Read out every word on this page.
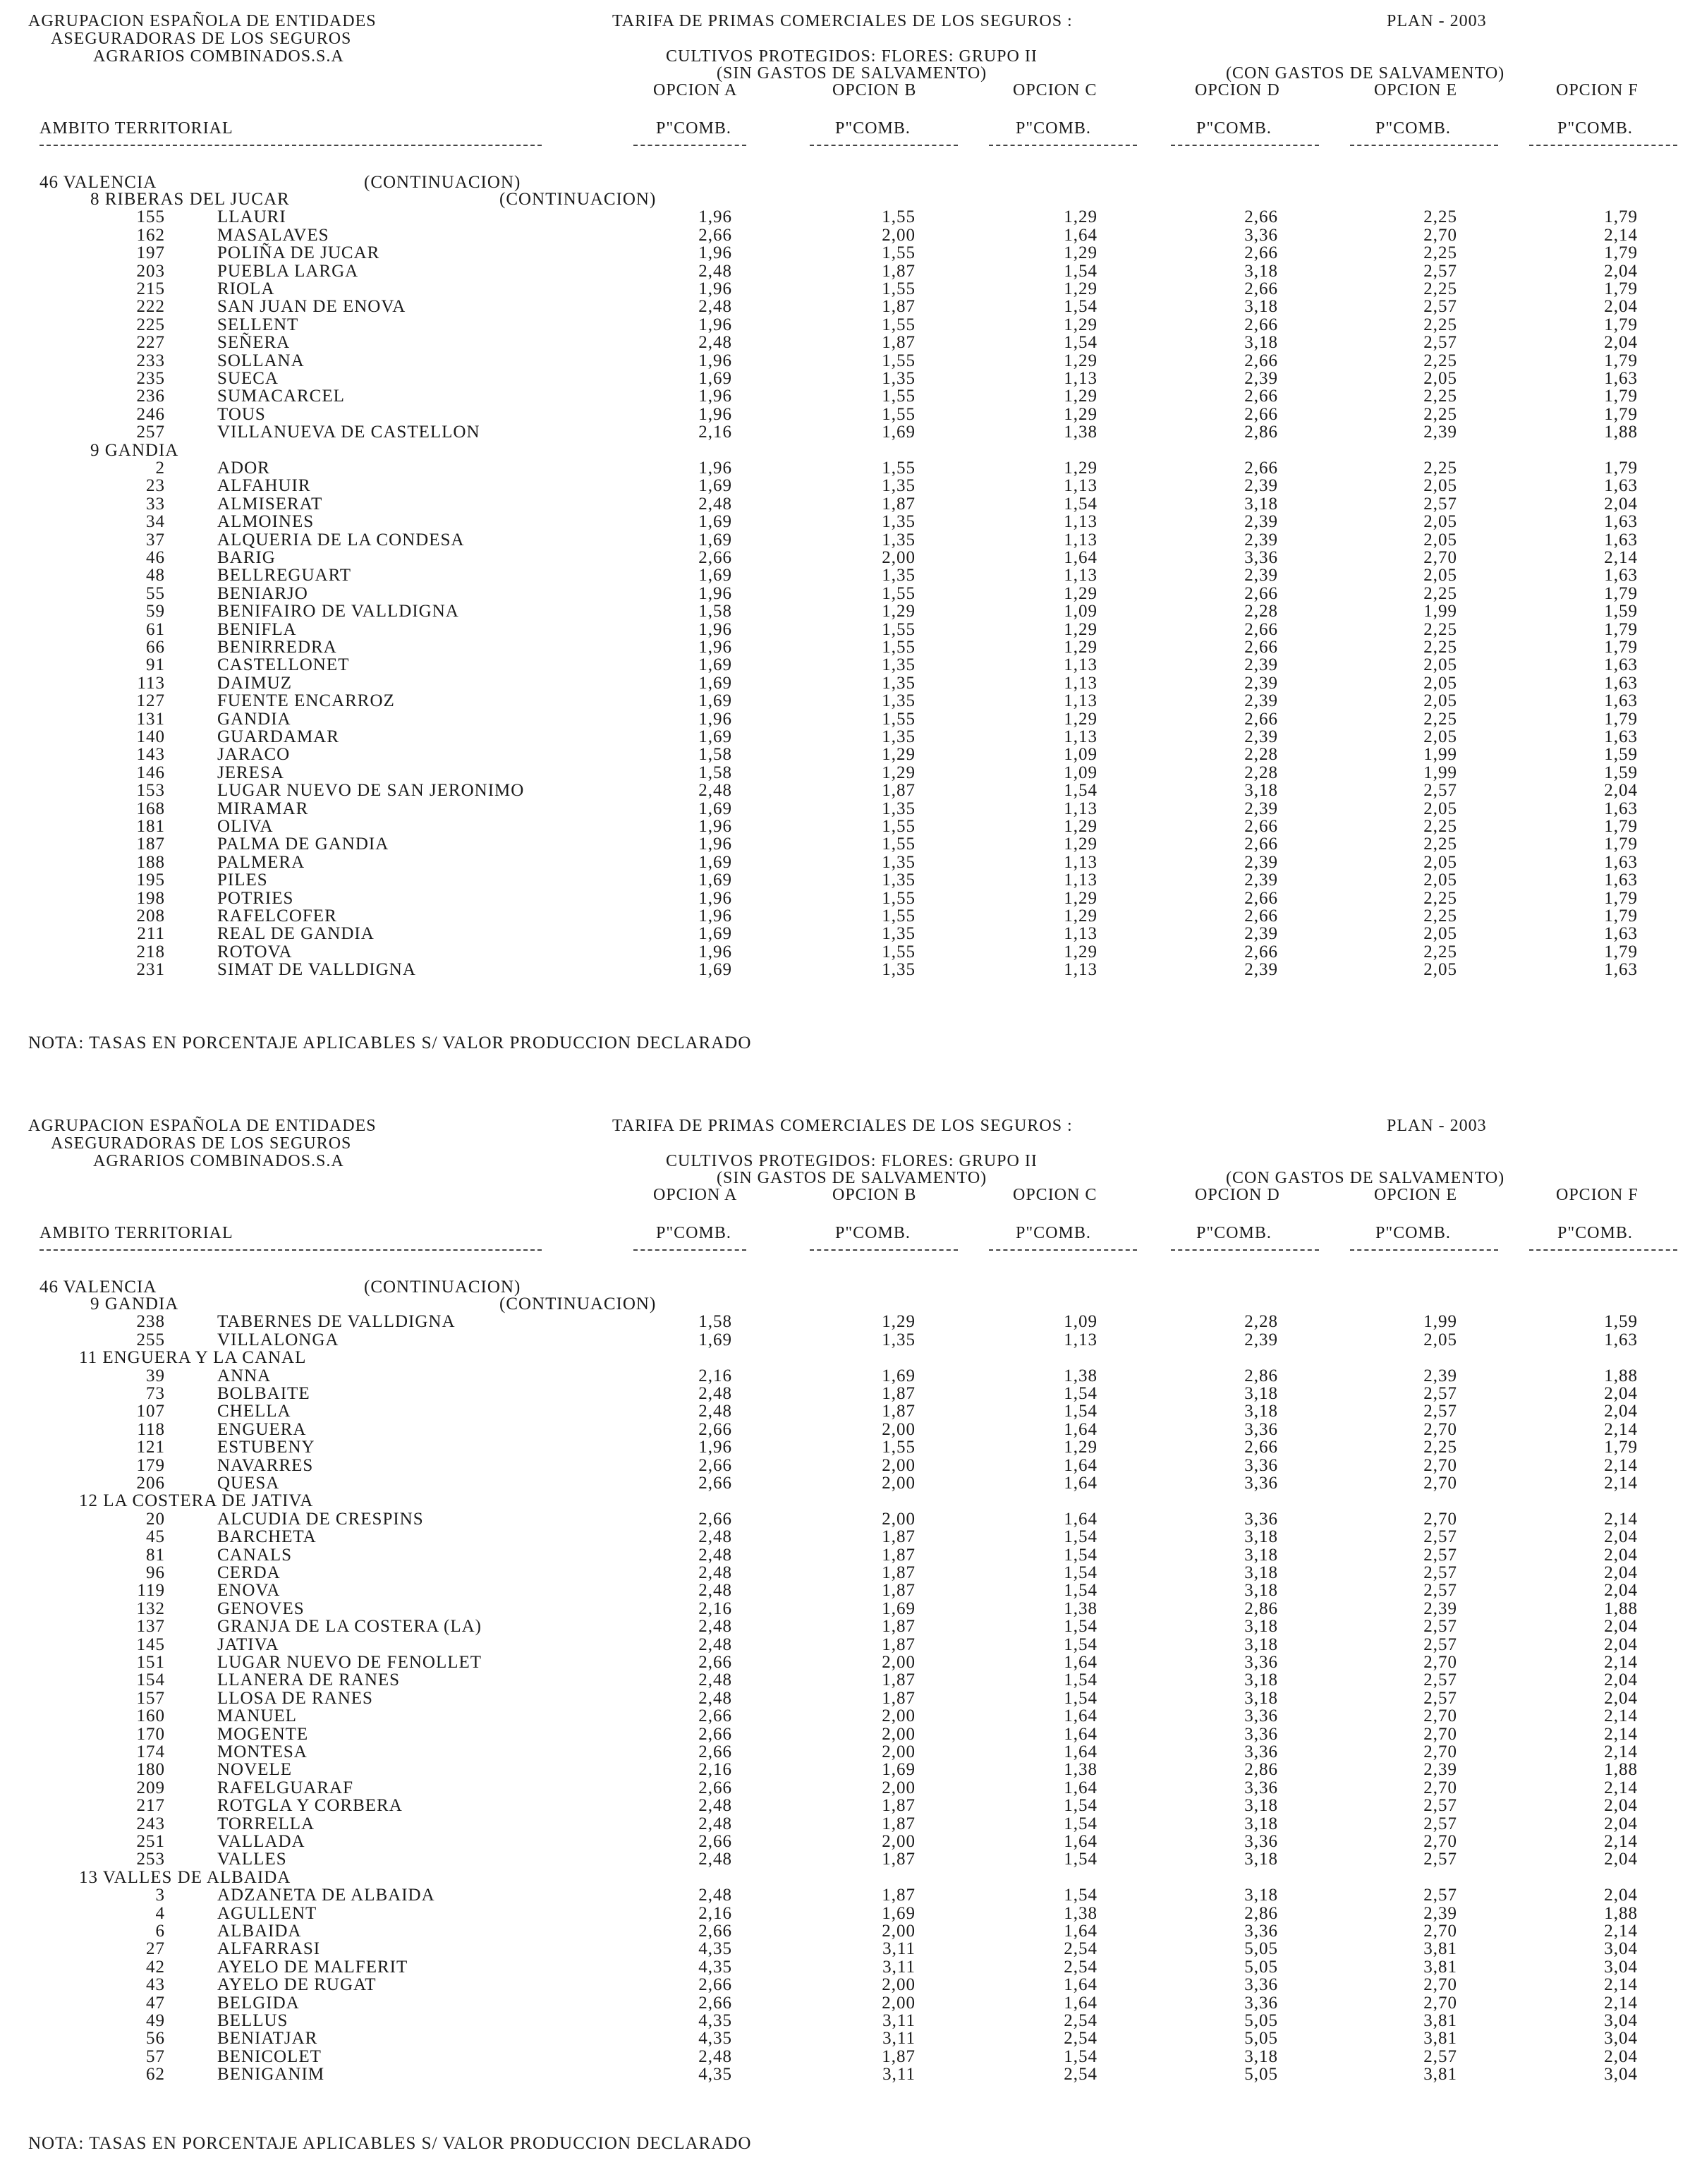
AGRUPACION ESPAÑOLA DE ENTIDADES
ASEGURADORAS DE LOS SEGUROS
AGRARIOS COMBINADOS.S.A
TARIFA DE PRIMAS COMERCIALES DE LOS SEGUROS :	PLAN - 2003
CULTIVOS PROTEGIDOS: FLORES: GRUPO II
(SIN GASTOS DE SALVAMENTO)	(CON GASTOS DE SALVAMENTO)
OPCION A	OPCION B	OPCION C	OPCION D	OPCION E	OPCION F
AMBITO TERRITORIAL	P"COMB.	P"COMB.	P"COMB.	P"COMB.	P"COMB.	P"COMB.
46 VALENCIA	(CONTINUACION)
8 RIBERAS DEL JUCAR	(CONTINUACION)
155	LLAURI	1,96	1,55	1,29	2,66	2,25	1,79
162	MASALAVES	2,66	2,00	1,64	3,36	2,70	2,14
197	POLIÑA DE JUCAR	1,96	1,55	1,29	2,66	2,25	1,79
203	PUEBLA LARGA	2,48	1,87	1,54	3,18	2,57	2,04
215	RIOLA	1,96	1,55	1,29	2,66	2,25	1,79
222	SAN JUAN DE ENOVA	2,48	1,87	1,54	3,18	2,57	2,04
225	SELLENT	1,96	1,55	1,29	2,66	2,25	1,79
227	SEÑERA	2,48	1,87	1,54	3,18	2,57	2,04
233	SOLLANA	1,96	1,55	1,29	2,66	2,25	1,79
235	SUECA	1,69	1,35	1,13	2,39	2,05	1,63
236	SUMACARCEL	1,96	1,55	1,29	2,66	2,25	1,79
246	TOUS	1,96	1,55	1,29	2,66	2,25	1,79
257	VILLANUEVA DE CASTELLON	2,16	1,69	1,38	2,86	2,39	1,88
9 GANDIA
2	ADOR	1,96	1,55	1,29	2,66	2,25	1,79
23	ALFAHUIR	1,69	1,35	1,13	2,39	2,05	1,63
33	ALMISERAT	2,48	1,87	1,54	3,18	2,57	2,04
34	ALMOINES	1,69	1,35	1,13	2,39	2,05	1,63
37	ALQUERIA DE LA CONDESA	1,69	1,35	1,13	2,39	2,05	1,63
46	BARIG	2,66	2,00	1,64	3,36	2,70	2,14
48	BELLREGUART	1,69	1,35	1,13	2,39	2,05	1,63
55	BENIARJO	1,96	1,55	1,29	2,66	2,25	1,79
59	BENIFAIRO DE VALLDIGNA	1,58	1,29	1,09	2,28	1,99	1,59
61	BENIFLA	1,96	1,55	1,29	2,66	2,25	1,79
66	BENIRREDRA	1,96	1,55	1,29	2,66	2,25	1,79
91	CASTELLONET	1,69	1,35	1,13	2,39	2,05	1,63
113	DAIMUZ	1,69	1,35	1,13	2,39	2,05	1,63
127	FUENTE ENCARROZ	1,69	1,35	1,13	2,39	2,05	1,63
131	GANDIA	1,96	1,55	1,29	2,66	2,25	1,79
140	GUARDAMAR	1,69	1,35	1,13	2,39	2,05	1,63
143	JARACO	1,58	1,29	1,09	2,28	1,99	1,59
146	JERESA	1,58	1,29	1,09	2,28	1,99	1,59
153	LUGAR NUEVO DE SAN JERONIMO	2,48	1,87	1,54	3,18	2,57	2,04
168	MIRAMAR	1,69	1,35	1,13	2,39	2,05	1,63
181	OLIVA	1,96	1,55	1,29	2,66	2,25	1,79
187	PALMA DE GANDIA	1,96	1,55	1,29	2,66	2,25	1,79
188	PALMERA	1,69	1,35	1,13	2,39	2,05	1,63
195	PILES	1,69	1,35	1,13	2,39	2,05	1,63
198	POTRIES	1,96	1,55	1,29	2,66	2,25	1,79
208	RAFELCOFER	1,96	1,55	1,29	2,66	2,25	1,79
211	REAL DE GANDIA	1,69	1,35	1,13	2,39	2,05	1,63
218	ROTOVA	1,96	1,55	1,29	2,66	2,25	1,79
231	SIMAT DE VALLDIGNA	1,69	1,35	1,13	2,39	2,05	1,63
NOTA: TASAS EN PORCENTAJE APLICABLES S/ VALOR PRODUCCION DECLARADO
AGRUPACION ESPAÑOLA DE ENTIDADES
ASEGURADORAS DE LOS SEGUROS
AGRARIOS COMBINADOS.S.A
TARIFA DE PRIMAS COMERCIALES DE LOS SEGUROS :	PLAN - 2003
CULTIVOS PROTEGIDOS: FLORES: GRUPO II
(SIN GASTOS DE SALVAMENTO)	(CON GASTOS DE SALVAMENTO)
OPCION A	OPCION B	OPCION C	OPCION D	OPCION E	OPCION F
AMBITO TERRITORIAL	P"COMB.	P"COMB.	P"COMB.	P"COMB.	P"COMB.	P"COMB.
46 VALENCIA	(CONTINUACION)
9 GANDIA	(CONTINUACION)
238	TABERNES DE VALLDIGNA	1,58	1,29	1,09	2,28	1,99	1,59
255	VILLALONGA	1,69	1,35	1,13	2,39	2,05	1,63
11 ENGUERA Y LA CANAL
39	ANNA	2,16	1,69	1,38	2,86	2,39	1,88
73	BOLBAITE	2,48	1,87	1,54	3,18	2,57	2,04
107	CHELLA	2,48	1,87	1,54	3,18	2,57	2,04
118	ENGUERA	2,66	2,00	1,64	3,36	2,70	2,14
121	ESTUBENY	1,96	1,55	1,29	2,66	2,25	1,79
179	NAVARRES	2,66	2,00	1,64	3,36	2,70	2,14
206	QUESA	2,66	2,00	1,64	3,36	2,70	2,14
12 LA COSTERA DE JATIVA
20	ALCUDIA DE CRESPINS	2,66	2,00	1,64	3,36	2,70	2,14
45	BARCHETA	2,48	1,87	1,54	3,18	2,57	2,04
81	CANALS	2,48	1,87	1,54	3,18	2,57	2,04
96	CERDA	2,48	1,87	1,54	3,18	2,57	2,04
119	ENOVA	2,48	1,87	1,54	3,18	2,57	2,04
132	GENOVES	2,16	1,69	1,38	2,86	2,39	1,88
137	GRANJA DE LA COSTERA (LA)	2,48	1,87	1,54	3,18	2,57	2,04
145	JATIVA	2,48	1,87	1,54	3,18	2,57	2,04
151	LUGAR NUEVO DE FENOLLET	2,66	2,00	1,64	3,36	2,70	2,14
154	LLANERA DE RANES	2,48	1,87	1,54	3,18	2,57	2,04
157	LLOSA DE RANES	2,48	1,87	1,54	3,18	2,57	2,04
160	MANUEL	2,66	2,00	1,64	3,36	2,70	2,14
170	MOGENTE	2,66	2,00	1,64	3,36	2,70	2,14
174	MONTESA	2,66	2,00	1,64	3,36	2,70	2,14
180	NOVELE	2,16	1,69	1,38	2,86	2,39	1,88
209	RAFELGUARAF	2,66	2,00	1,64	3,36	2,70	2,14
217	ROTGLA Y CORBERA	2,48	1,87	1,54	3,18	2,57	2,04
243	TORRELLA	2,48	1,87	1,54	3,18	2,57	2,04
251	VALLADA	2,66	2,00	1,64	3,36	2,70	2,14
253	VALLES	2,48	1,87	1,54	3,18	2,57	2,04
13 VALLES DE ALBAIDA
3	ADZANETA DE ALBAIDA	2,48	1,87	1,54	3,18	2,57	2,04
4	AGULLENT	2,16	1,69	1,38	2,86	2,39	1,88
6	ALBAIDA	2,66	2,00	1,64	3,36	2,70	2,14
27	ALFARRASI	4,35	3,11	2,54	5,05	3,81	3,04
42	AYELO DE MALFERIT	4,35	3,11	2,54	5,05	3,81	3,04
43	AYELO DE RUGAT	2,66	2,00	1,64	3,36	2,70	2,14
47	BELGIDA	2,66	2,00	1,64	3,36	2,70	2,14
49	BELLUS	4,35	3,11	2,54	5,05	3,81	3,04
56	BENIATJAR	4,35	3,11	2,54	5,05	3,81	3,04
57	BENICOLET	2,48	1,87	1,54	3,18	2,57	2,04
62	BENIGANIM	4,35	3,11	2,54	5,05	3,81	3,04
NOTA: TASAS EN PORCENTAJE APLICABLES S/ VALOR PRODUCCION DECLARADO
